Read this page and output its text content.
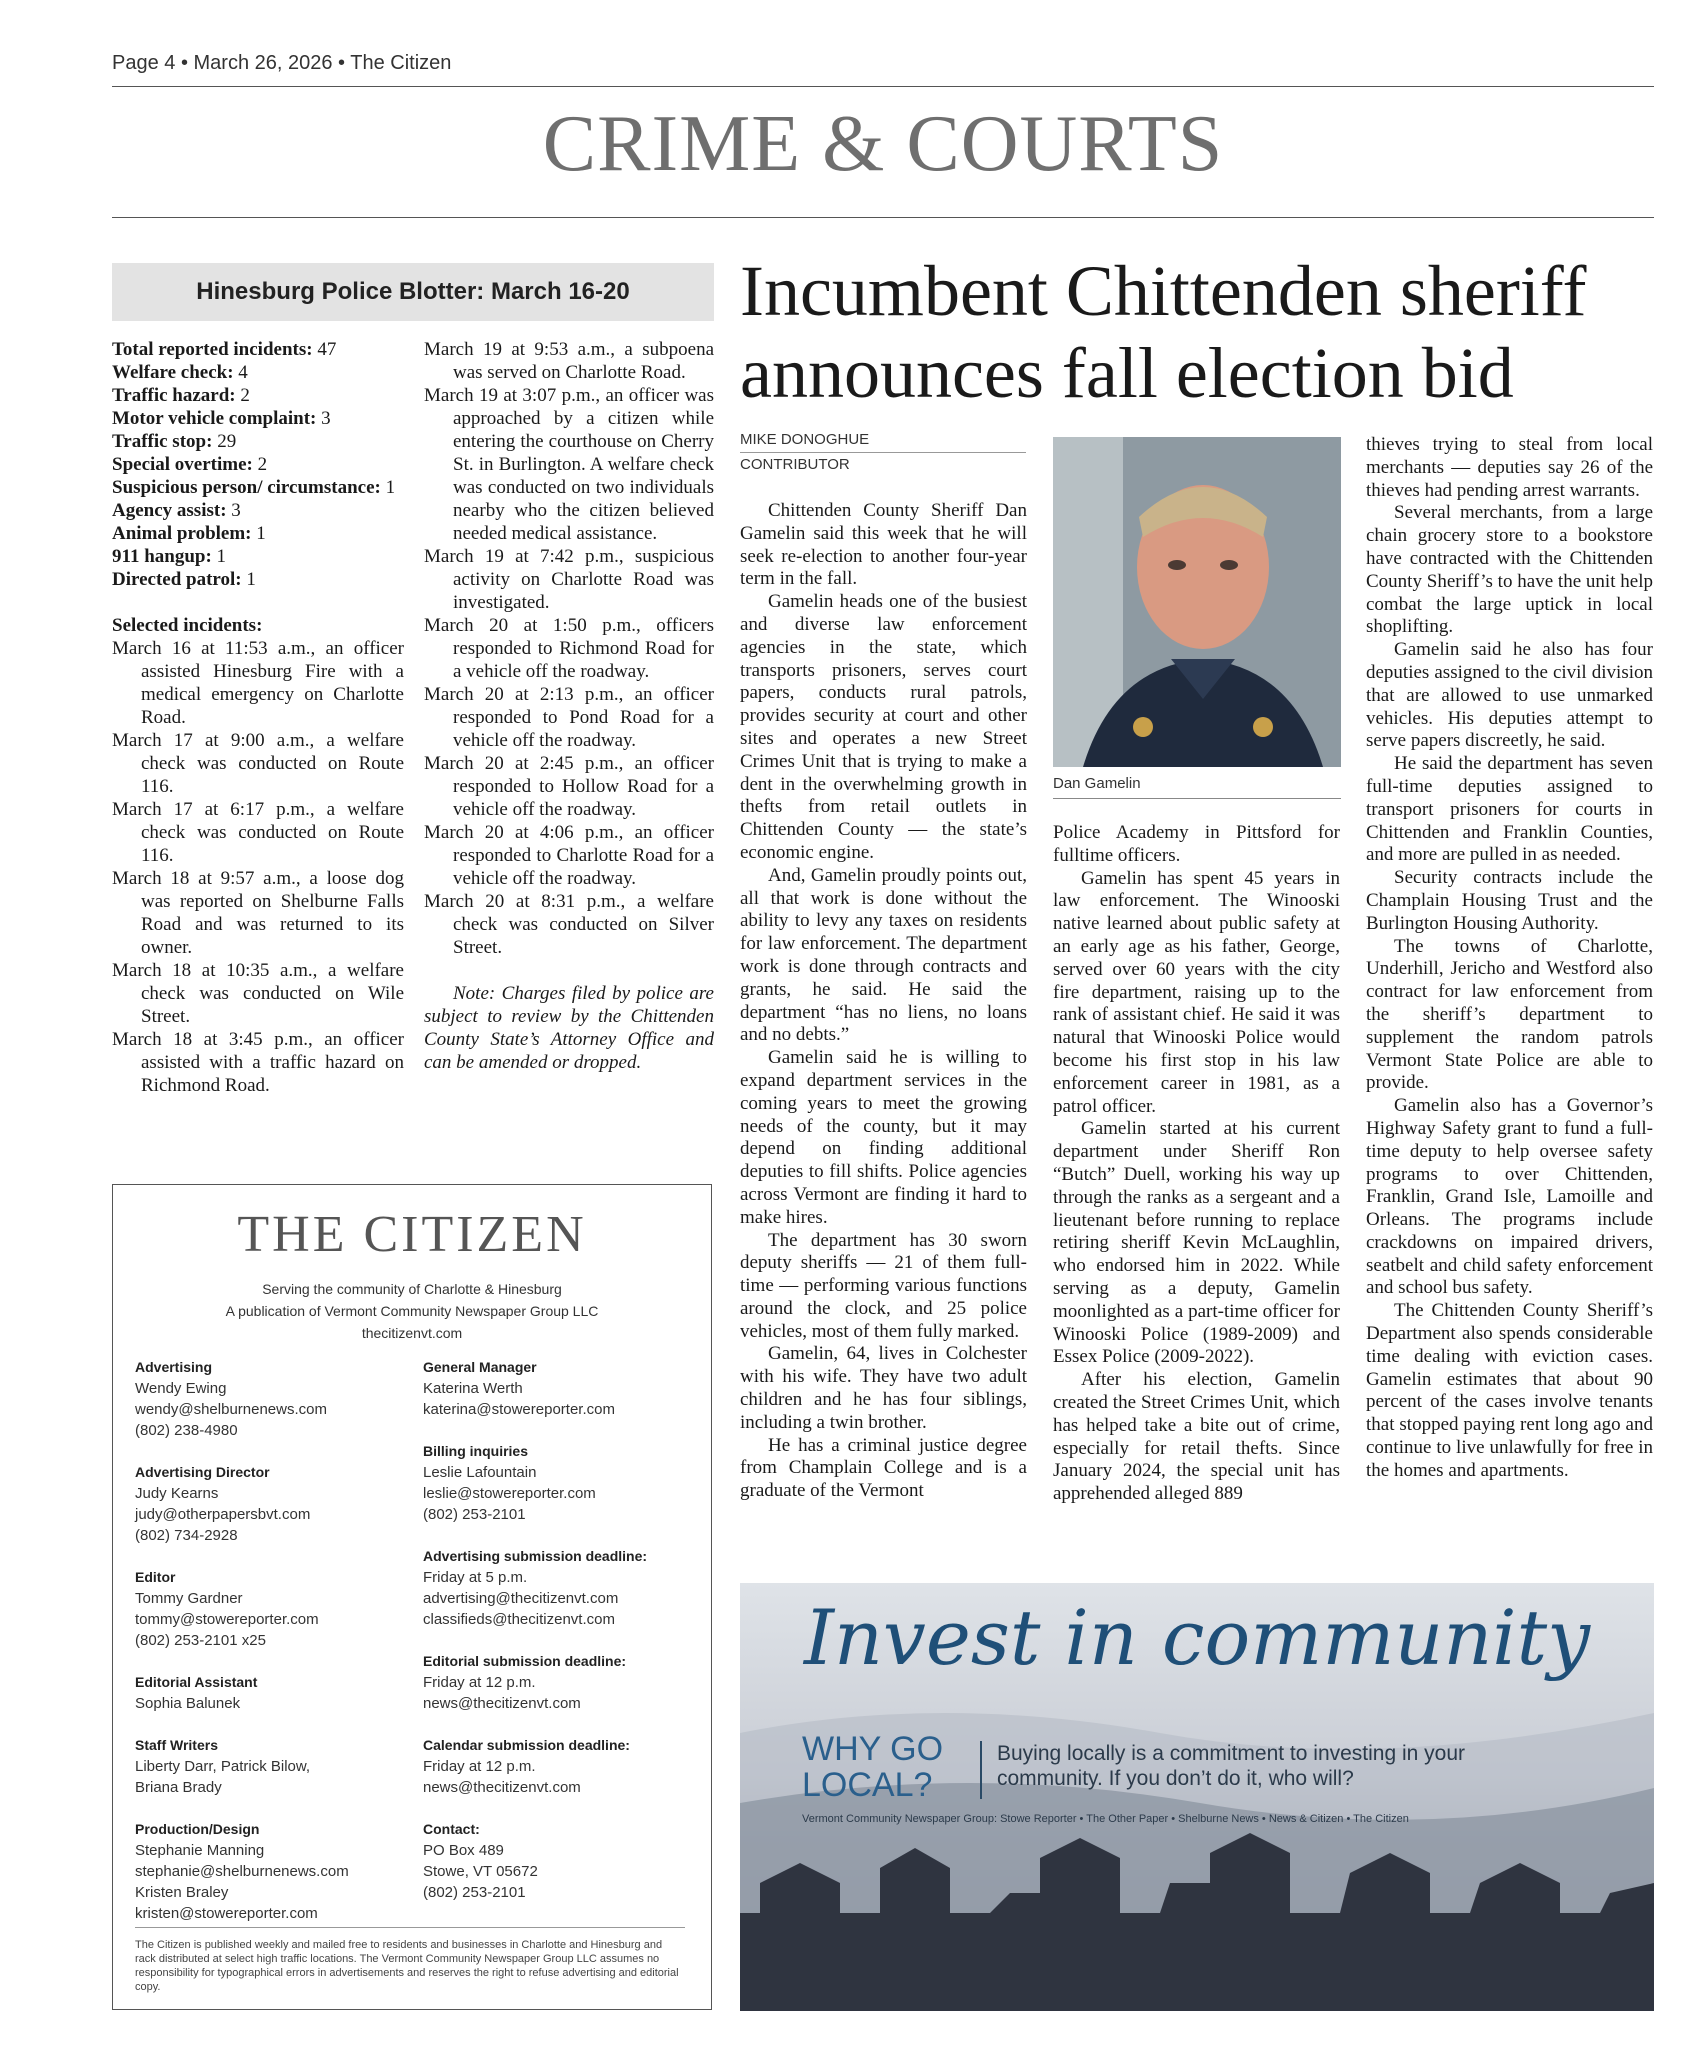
Page 4 • March 26, 2026 • The Citizen
CRIME & COURTS
Hinesburg Police Blotter: March 16-20
Total reported incidents: 47
Welfare check: 4
Traffic hazard: 2
Motor vehicle complaint: 3
Traffic stop: 29
Special overtime: 2
Suspicious person/ circumstance: 1
Agency assist: 3
Animal problem: 1
911 hangup: 1
Directed patrol: 1
Selected incidents:
March 16 at 11:53 a.m., an officer assisted Hinesburg Fire with a medical emergency on Charlotte Road.
March 17 at 9:00 a.m., a welfare check was conducted on Route 116.
March 17 at 6:17 p.m., a welfare check was conducted on Route 116.
March 18 at 9:57 a.m., a loose dog was reported on Shelburne Falls Road and was returned to its owner.
March 18 at 10:35 a.m., a welfare check was conducted on Wile Street.
March 18 at 3:45 p.m., an officer assisted with a traffic hazard on Richmond Road.
March 19 at 9:53 a.m., a subpoena was served on Charlotte Road.
March 19 at 3:07 p.m., an officer was approached by a citizen while entering the courthouse on Cherry St. in Burlington. A welfare check was conducted on two individuals nearby who the citizen believed needed medical assistance.
March 19 at 7:42 p.m., suspicious activity on Charlotte Road was investigated.
March 20 at 1:50 p.m., officers responded to Richmond Road for a vehicle off the roadway.
March 20 at 2:13 p.m., an officer responded to Pond Road for a vehicle off the roadway.
March 20 at 2:45 p.m., an officer responded to Hollow Road for a vehicle off the roadway.
March 20 at 4:06 p.m., an officer responded to Charlotte Road for a vehicle off the roadway.
March 20 at 8:31 p.m., a welfare check was conducted on Silver Street.
Note: Charges filed by police are subject to review by the Chittenden County State’s Attorney Office and can be amended or dropped.
THE CITIZEN
Serving the community of Charlotte & Hinesburg
A publication of Vermont Community Newspaper Group LLC
thecitizenvt.com
Advertising
Wendy Ewing
wendy@shelburnenews.com
(802) 238-4980
Advertising Director
Judy Kearns
judy@otherpapersbvt.com
(802) 734-2928
Editor
Tommy Gardner
tommy@stowereporter.com
(802) 253-2101 x25
Editorial Assistant
Sophia Balunek
Staff Writers
Liberty Darr, Patrick Bilow,
Briana Brady
Production/Design
Stephanie Manning
stephanie@shelburnenews.com
Kristen Braley
kristen@stowereporter.com
General Manager
Katerina Werth
katerina@stowereporter.com
Billing inquiries
Leslie Lafountain
leslie@stowereporter.com
(802) 253-2101
Advertising submission deadline:
Friday at 5 p.m.
advertising@thecitizenvt.com
classifieds@thecitizenvt.com
Editorial submission deadline:
Friday at 12 p.m.
news@thecitizenvt.com
Calendar submission deadline:
Friday at 12 p.m.
news@thecitizenvt.com
Contact:
PO Box 489
Stowe, VT 05672
(802) 253-2101
The Citizen is published weekly and mailed free to residents and businesses in Charlotte and Hinesburg and rack distributed at select high traffic locations. The Vermont Community Newspaper Group LLC assumes no responsibility for typographical errors in advertisements and reserves the right to refuse advertising and editorial copy.
Incumbent Chittenden sheriff announces fall election bid
MIKE DONOGHUE
CONTRIBUTOR

Chittenden County Sheriff Dan Gamelin said this week that he will seek re-election to another four-year term in the fall.

Gamelin heads one of the busiest and diverse law enforcement agencies in the state, which transports prisoners, serves court papers, conducts rural patrols, provides security at court and other sites and operates a new Street Crimes Unit that is trying to make a dent in the overwhelming growth in thefts from retail outlets in Chittenden County — the state’s economic engine.

And, Gamelin proudly points out, all that work is done without the ability to levy any taxes on residents for law enforcement. The department work is done through contracts and grants, he said. He said the department “has no liens, no loans and no debts.”

Gamelin said he is willing to expand department services in the coming years to meet the growing needs of the county, but it may depend on finding additional deputies to fill shifts. Police agencies across Vermont are finding it hard to make hires.

The department has 30 sworn deputy sheriffs — 21 of them full-time — performing various functions around the clock, and 25 police vehicles, most of them fully marked.

Gamelin, 64, lives in Colchester with his wife. They have two adult children and he has four siblings, including a twin brother.

He has a criminal justice degree from Champlain College and is a graduate of the Vermont

Dan Gamelin
Police Academy in Pittsford for fulltime officers.

Gamelin has spent 45 years in law enforcement. The Winooski native learned about public safety at an early age as his father, George, served over 60 years with the city fire department, raising up to the rank of assistant chief. He said it was natural that Winooski Police would become his first stop in his law enforcement career in 1981, as a patrol officer.

Gamelin started at his current department under Sheriff Ron “Butch” Duell, working his way up through the ranks as a sergeant and a lieutenant before running to replace retiring sheriff Kevin McLaughlin, who endorsed him in 2022. While serving as a deputy, Gamelin moonlighted as a part-time officer for Winooski Police (1989-2009) and Essex Police (2009-2022).

After his election, Gamelin created the Street Crimes Unit, which has helped take a bite out of crime, especially for retail thefts. Since January 2024, the special unit has apprehended alleged 889

thieves trying to steal from local merchants — deputies say 26 of the thieves had pending arrest warrants.

Several merchants, from a large chain grocery store to a bookstore have contracted with the Chittenden County Sheriff’s to have the unit help combat the large uptick in local shoplifting.

Gamelin said he also has four deputies assigned to the civil division that are allowed to use unmarked vehicles. His deputies attempt to serve papers discreetly, he said.

He said the department has seven full-time deputies assigned to transport prisoners for courts in Chittenden and Franklin Counties, and more are pulled in as needed.

Security contracts include the Champlain Housing Trust and the Burlington Housing Authority.

The towns of Charlotte, Underhill, Jericho and Westford also contract for law enforcement from the sheriff’s department to supplement the random patrols Vermont State Police are able to provide.

Gamelin also has a Governor’s Highway Safety grant to fund a full-time deputy to help oversee safety programs to over Chittenden, Franklin, Grand Isle, Lamoille and Orleans. The programs include crackdowns on impaired drivers, seatbelt and child safety enforcement and school bus safety.

The Chittenden County Sheriff’s Department also spends considerable time dealing with eviction cases. Gamelin estimates that about 90 percent of the cases involve tenants that stopped paying rent long ago and continue to live unlawfully for free in the homes and apartments.

Invest in community
WHY GO LOCAL?
Buying locally is a commitment to investing in your community. If you don’t do it, who will?
Vermont Community Newspaper Group: Stowe Reporter • The Other Paper • Shelburne News • News & Citizen • The Citizen
